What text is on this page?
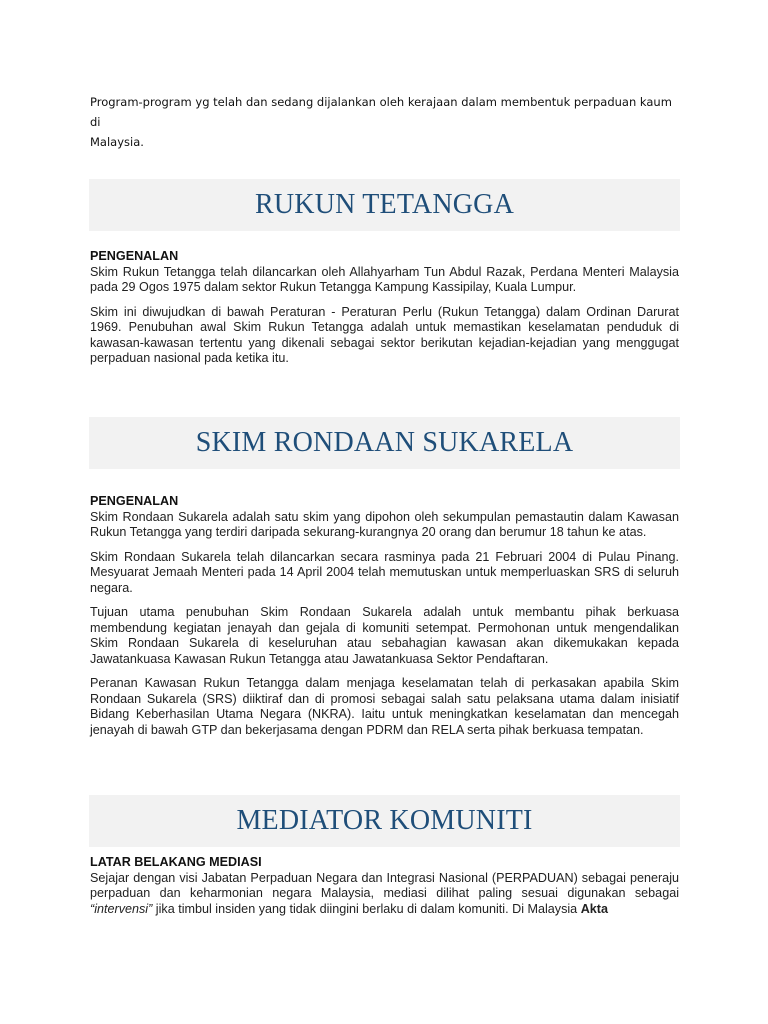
Program-program yg telah dan sedang dijalankan oleh kerajaan dalam membentuk perpaduan kaum di
Malaysia.
RUKUN TETANGGA
PENGENALAN

Skim Rukun Tetangga telah dilancarkan oleh Allahyarham Tun Abdul Razak, Perdana Menteri Malaysia pada 29 Ogos 1975 dalam sektor Rukun Tetangga Kampung Kassipilay, Kuala Lumpur.

Skim ini diwujudkan di bawah Peraturan - Peraturan Perlu (Rukun Tetangga) dalam Ordinan Darurat 1969. Penubuhan awal Skim Rukun Tetangga adalah untuk memastikan keselamatan penduduk di kawasan-kawasan tertentu yang dikenali sebagai sektor berikutan kejadian-kejadian yang menggugat perpaduan nasional pada ketika itu.

SKIM RONDAAN SUKARELA
PENGENALAN

Skim Rondaan Sukarela adalah satu skim yang dipohon oleh sekumpulan pemastautin dalam Kawasan Rukun Tetangga yang terdiri daripada sekurang-kurangnya 20 orang dan berumur 18 tahun ke atas.

Skim Rondaan Sukarela telah dilancarkan secara rasminya pada 21 Februari 2004 di Pulau Pinang. Mesyuarat Jemaah Menteri pada 14 April 2004 telah memutuskan untuk memperluaskan SRS di seluruh negara.

Tujuan utama penubuhan Skim Rondaan Sukarela adalah untuk membantu pihak berkuasa membendung kegiatan jenayah dan gejala di komuniti setempat. Permohonan untuk mengendalikan Skim Rondaan Sukarela di keseluruhan atau sebahagian kawasan akan dikemukakan kepada Jawatankuasa Kawasan Rukun Tetangga atau Jawatankuasa Sektor Pendaftaran.

Peranan Kawasan Rukun Tetangga dalam menjaga keselamatan telah di perkasakan apabila Skim Rondaan Sukarela (SRS) diiktiraf dan di promosi sebagai salah satu pelaksana utama dalam inisiatif Bidang Keberhasilan Utama Negara (NKRA). Iaitu untuk meningkatkan keselamatan dan mencegah jenayah di bawah GTP dan bekerjasama dengan PDRM dan RELA serta pihak berkuasa tempatan.

MEDIATOR KOMUNITI
LATAR BELAKANG MEDIASI

Sejajar dengan visi Jabatan Perpaduan Negara dan Integrasi Nasional (PERPADUAN) sebagai peneraju perpaduan dan keharmonian negara Malaysia, mediasi dilihat paling sesuai digunakan sebagai “intervensi” jika timbul insiden yang tidak diingini berlaku di dalam komuniti. Di Malaysia Akta
